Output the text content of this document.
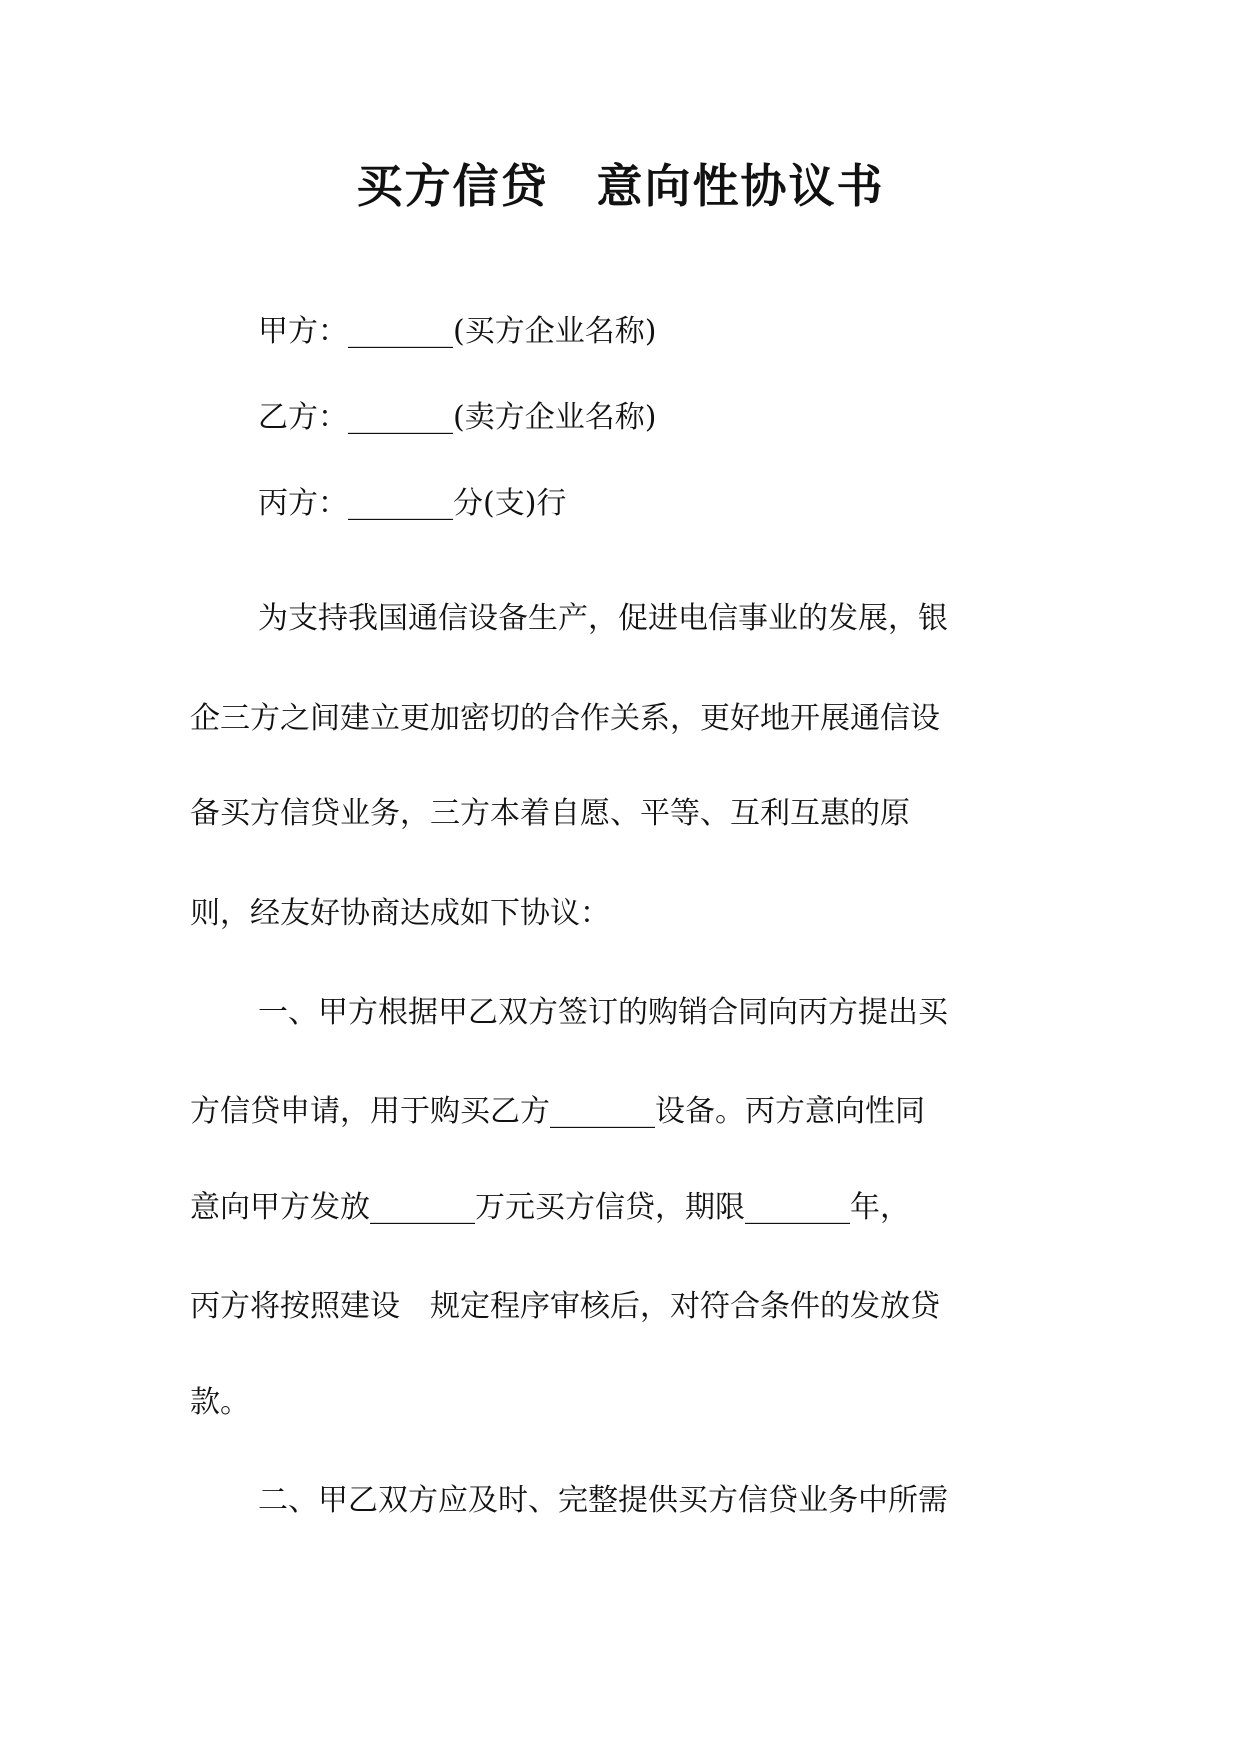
买方信贷　意向性协议书
甲方：_______(买方企业名称)
乙方：_______(卖方企业名称)
丙方：_______分(支)行
为支持我国通信设备生产，促进电信事业的发展，银
企三方之间建立更加密切的合作关系，更好地开展通信设
备买方信贷业务，三方本着自愿、平等、互利互惠的原
则，经友好协商达成如下协议：
一、甲方根据甲乙双方签订的购销合同向丙方提出买
方信贷申请，用于购买乙方_______设备。丙方意向性同
意向甲方发放_______万元买方信贷，期限_______年，
丙方将按照建设　规定程序审核后，对符合条件的发放贷
款。
二、甲乙双方应及时、完整提供买方信贷业务中所需
